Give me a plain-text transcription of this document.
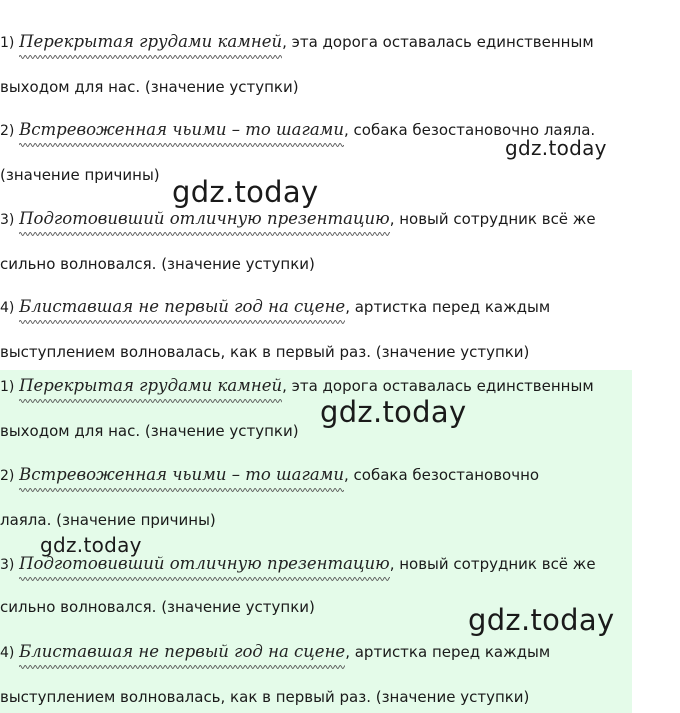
1) Перекрытая грудами камней
, эта дорога оставалась единственным
выходом для нас. (значение уступки)
2) Встревоженная чьими – то шагами
, собака безостановочно лаяла.
(значение причины)
3) Подготовивший отличную презентацию
, новый сотрудник всё же
сильно волновался. (значение уступки)
4) Блиставшая не первый год на сцене
, артистка перед каждым
выступлением волновалась, как в первый раз. (значение уступки)
1) Перекрытая грудами камней
, эта дорога оставалась единственным
выходом для нас. (значение уступки)
2) Встревоженная чьими – то шагами
, собака безостановочно
лаяла. (значение причины)
3) Подготовивший отличную презентацию
, новый сотрудник всё же
сильно волновался. (значение уступки)
4) Блиставшая не первый год на сцене
, артистка перед каждым
выступлением волновалась, как в первый раз. (значение уступки)
gdz.today
gdz.today
gdz.today
gdz.today
gdz.today
